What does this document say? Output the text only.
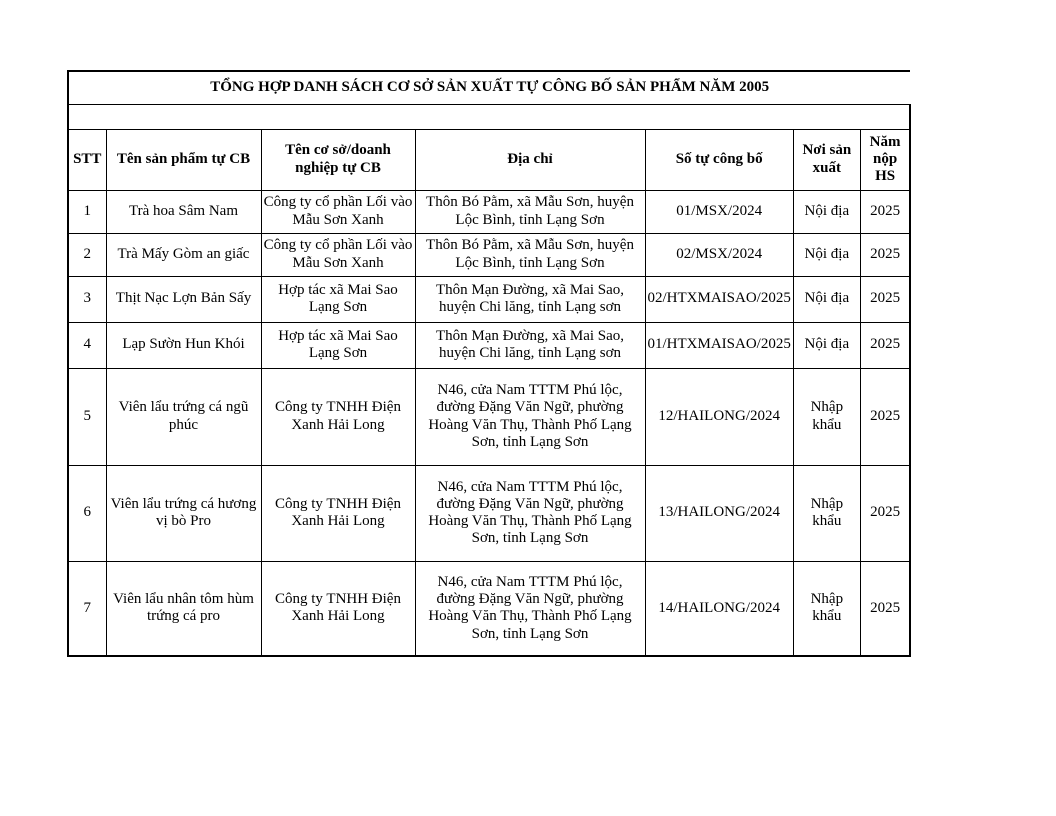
TỔNG HỢP DANH SÁCH CƠ SỞ SẢN XUẤT TỰ CÔNG BỐ SẢN PHẨM NĂM 2005						

STT	Tên sản phẩm tự CB	Tên cơ sở/doanh nghiệp tự CB	Địa chỉ	Số tự công bố	Nơi sản xuất	Năm nộp HS
1	Trà hoa Sâm Nam	Công ty cổ phần Lối vào Mẫu Sơn Xanh	Thôn Bó Pằm, xã Mẫu Sơn, huyện Lộc Bình, tỉnh Lạng Sơn	01/MSX/2024	Nội địa	2025
2	Trà Mấy Gòm an giấc	Công ty cổ phần Lối vào Mẫu Sơn Xanh	Thôn Bó Pằm, xã Mẫu Sơn, huyện Lộc Bình, tỉnh Lạng Sơn	02/MSX/2024	Nội địa	2025
3	Thịt Nạc Lợn Bản Sấy	Hợp tác xã Mai Sao Lạng Sơn	Thôn Mạn Đường, xã Mai Sao, huyện Chi lăng, tỉnh Lạng sơn	02/HTXMAISAO/2025	Nội địa	2025
4	Lạp Sườn Hun Khói	Hợp tác xã Mai Sao Lạng Sơn	Thôn Mạn Đường, xã Mai Sao, huyện Chi lăng, tỉnh Lạng sơn	01/HTXMAISAO/2025	Nội địa	2025
5	Viên lẩu trứng cá ngũ phúc	Công ty TNHH Điện Xanh Hải Long	N46, cửa Nam TTTM Phú lộc, đường Đặng Văn Ngữ, phường Hoàng Văn Thụ, Thành Phố Lạng Sơn, tỉnh Lạng Sơn	12/HAILONG/2024	Nhập khẩu	2025
6	Viên lẩu trứng cá hương vị bò Pro	Công ty TNHH Điện Xanh Hải Long	N46, cửa Nam TTTM Phú lộc, đường Đặng Văn Ngữ, phường Hoàng Văn Thụ, Thành Phố Lạng Sơn, tỉnh Lạng Sơn	13/HAILONG/2024	Nhập khẩu	2025
7	Viên lẩu nhân tôm hùm trứng cá pro	Công ty TNHH Điện Xanh Hải Long	N46, cửa Nam TTTM Phú lộc, đường Đặng Văn Ngữ, phường Hoàng Văn Thụ, Thành Phố Lạng Sơn, tỉnh Lạng Sơn	14/HAILONG/2024	Nhập khẩu	2025
